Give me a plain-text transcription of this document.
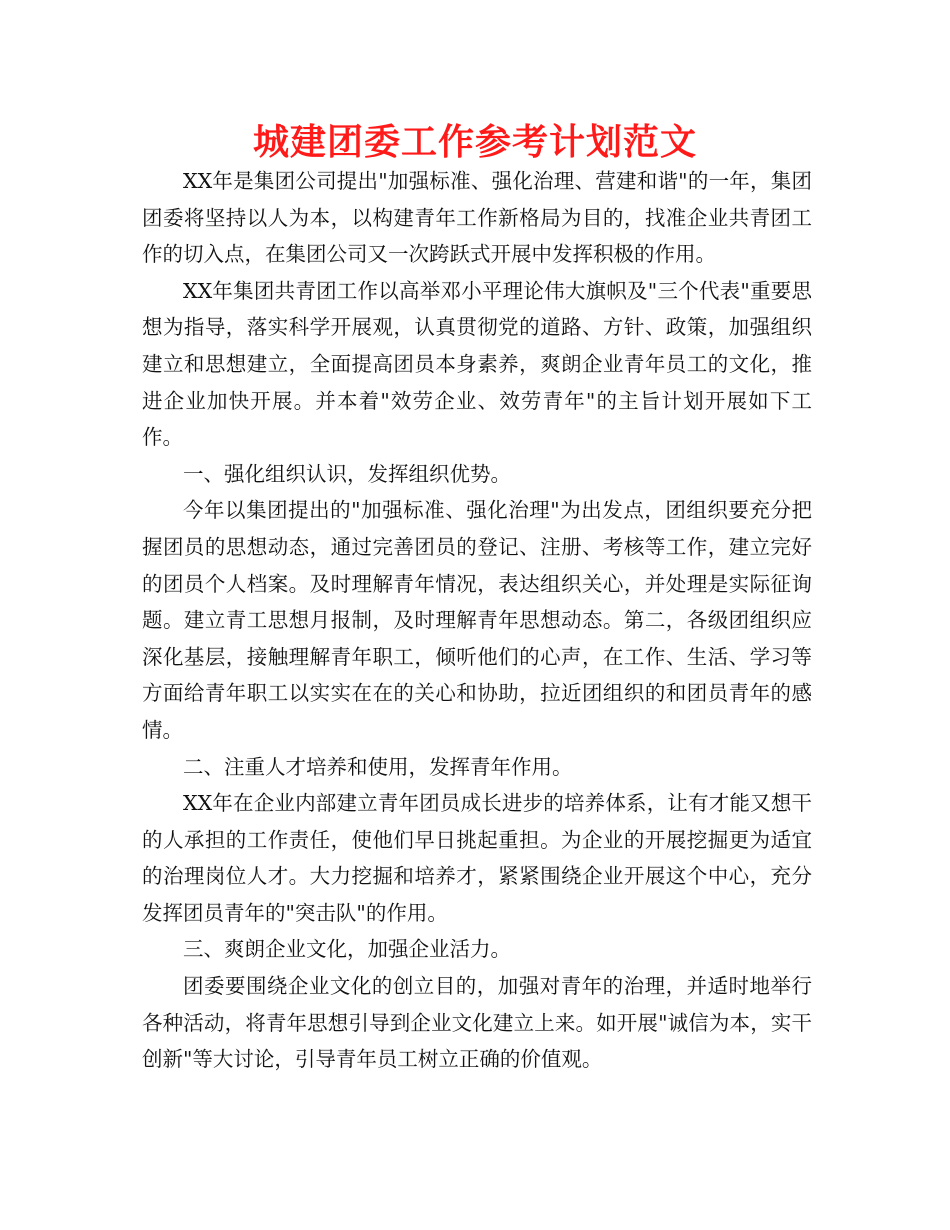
城建团委工作参考计划范文

XX年是集团公司提出"加强标准、强化治理、营建和谐"的一年，集团团委将坚持以人为本，以构建青年工作新格局为目的，找准企业共青团工作的切入点，在集团公司又一次跨跃式开展中发挥积极的作用。

XX年集团共青团工作以高举邓小平理论伟大旗帜及"三个代表"重要思想为指导，落实科学开展观，认真贯彻党的道路、方针、政策，加强组织建立和思想建立，全面提高团员本身素养，爽朗企业青年员工的文化，推进企业加快开展。并本着"效劳企业、效劳青年"的主旨计划开展如下工作。

一、强化组织认识，发挥组织优势。

今年以集团提出的"加强标准、强化治理"为出发点，团组织要充分把握团员的思想动态，通过完善团员的登记、注册、考核等工作，建立完好的团员个人档案。及时理解青年情况，表达组织关心，并处理是实际征询题。建立青工思想月报制，及时理解青年思想动态。第二，各级团组织应深化基层，接触理解青年职工，倾听他们的心声，在工作、生活、学习等方面给青年职工以实实在在的关心和协助，拉近团组织的和团员青年的感情。

二、注重人才培养和使用，发挥青年作用。

XX年在企业内部建立青年团员成长进步的培养体系，让有才能又想干的人承担的工作责任，使他们早日挑起重担。为企业的开展挖掘更为适宜的治理岗位人才。大力挖掘和培养才，紧紧围绕企业开展这个中心，充分发挥团员青年的"突击队"的作用。

三、爽朗企业文化，加强企业活力。

团委要围绕企业文化的创立目的，加强对青年的治理，并适时地举行各种活动，将青年思想引导到企业文化建立上来。如开展"诚信为本，实干创新"等大讨论，引导青年员工树立正确的价值观。
